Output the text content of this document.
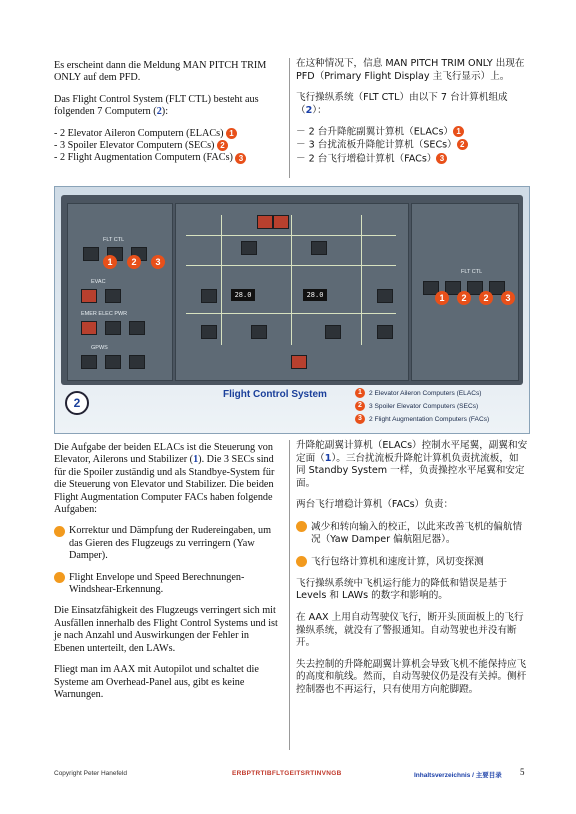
Es erscheint dann die Meldung MAN PITCH TRIM ONLY auf dem PFD.

Das Flight Control System (FLT CTL) besteht aus folgenden 7 Computern (2):

- 2 Elevator Aileron Computern (ELACs) 1
- 3 Spoiler Elevator Computern (SECs) 2
- 2 Flight Augmentation Computern (FACs) 3

在这种情况下，信息 MAN PITCH TRIM ONLY 出现在 PFD（Primary Flight Display 主飞行显示）上。

飞行操纵系统（FLT CTL）由以下 7 台计算机组成（2）：

－ 2 台升降舵副翼计算机（ELACs） 1
－ 3 台扰流板升降舵计算机（SECs） 2
－ 2 台飞行增稳计算机（FACs） 3
FLT CTL
1	2	3
EVAC
EMER ELEC PWR
GPWS
28.0	28.0
FLT CTL
1	2	2	3
2
Flight Control System	1 2 Elevator Aileron Computers (ELACs)
2 3 Spoiler Elevator Computers (SECs)
3 2 Flight Augmentation Computers (FACs)

Die Aufgabe der beiden ELACs ist die Steuerung von Elevator, Ailerons und Stabilizer (1). Die 3 SECs sind für die Spoiler zuständig und als Standbye-System für die Steuerung von Elevator und Stabilizer. Die beiden Flight Augmentation Computer FACs haben folgende Aufgaben:

Korrektur und Dämpfung der Rudereingaben, um das Gieren des Flugzeugs zu verringern (Yaw Damper).

Flight Envelope und Speed Berechnungen-Windshear-Erkennung.

Die Einsatzfähigkeit des Flugzeugs verringert sich mit Ausfällen innerhalb des Flight Control Systems und ist je nach Anzahl und Auswirkungen der Fehler in Ebenen unterteilt, den LAWs.

Fliegt man im AAX mit Autopilot und schaltet die Systeme am Overhead-Panel aus, gibt es keine Warnungen.

升降舵副翼计算机（ELACs）控制水平尾翼，副翼和安定面（1）。三台扰流板升降舵计算机负责扰流板，如同 Standby System 一样，负责操控水平尾翼和安定面。

两台飞行增稳计算机（FACs）负责：

减少和转向输入的校正，以此来改善飞机的偏航情况（Yaw Damper 偏航阻尼器）。

飞行包络计算机和速度计算，风切变探测

飞行操纵系统中飞机运行能力的降低和错误是基于 Levels 和 LAWs 的数字和影响的。

在 AAX 上用自动驾驶仪飞行，断开头顶面板上的飞行操纵系统，就没有了警报通知。自动驾驶也并没有断开。

失去控制的升降舵副翼计算机会导致飞机不能保持应飞的高度和航线。然而，自动驾驶仪仍是没有关掉。侧杆控制器也不再运行，只有使用方向舵脚蹬。

Copyright Peter Hanefeld	ERBPTRTIBFLTGEITSRTINVNGB	Inhaltsverzeichnis / 主要目录 5
